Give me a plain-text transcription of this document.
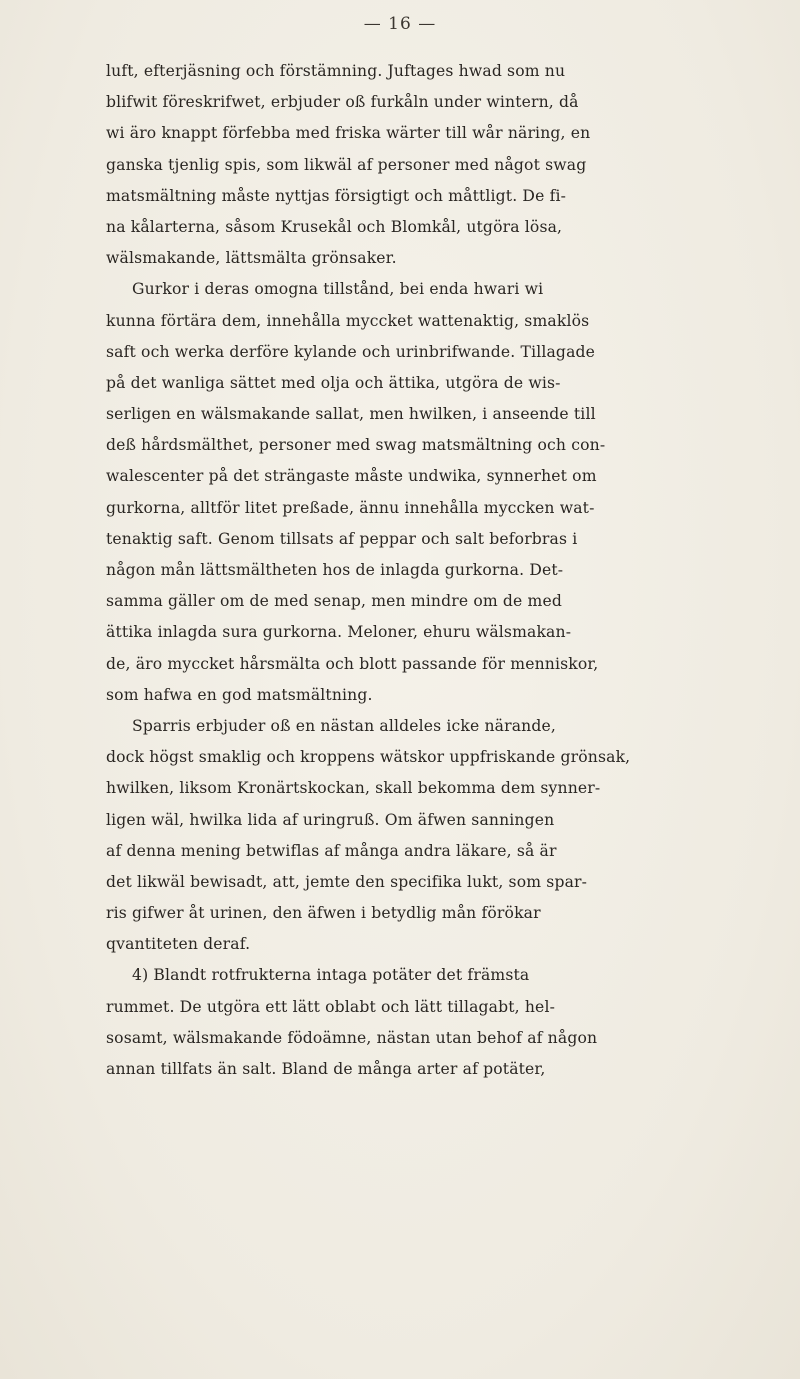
— 16 —
luft, efterjäsning och förstämning. Juftages hwad som nu
blifwit föreskrifwet, erbjuder oß furkåln under wintern, då
wi äro knappt förfebba med friska wärter till wår näring, en
ganska tjenlig spis, som likwäl af personer med något swag
matsmältning måste nyttjas försigtigt och måttligt. De fi-
na kålarterna, såsom Krusekål och Blomkål, utgöra lösa,
wälsmakande, lättsmälta grönsaker.
Gurkor i deras omogna tillstånd, bei enda hwari wi
kunna förtära dem, innehålla myccket wattenaktig, smaklös
saft och werka derföre kylande och urinbrifwande. Tillagade
på det wanliga sättet med olja och ättika, utgöra de wis-
serligen en wälsmakande sallat, men hwilken, i anseende till
deß hårdsmälthet, personer med swag matsmältning och con-
walescenter på det strängaste måste undwika, synnerhet om
gurkorna, alltför litet preßade, ännu innehålla myccken wat-
tenaktig saft. Genom tillsats af peppar och salt beforbras i
någon mån lättsmältheten hos de inlagda gurkorna. Det-
samma gäller om de med senap, men mindre om de med
ättika inlagda sura gurkorna. Meloner, ehuru wälsmakan-
de, äro myccket hårsmälta och blott passande för menniskor,
som hafwa en god matsmältning.
Sparris erbjuder oß en nästan alldeles icke närande,
dock högst smaklig och kroppens wätskor uppfriskande grönsak,
hwilken, liksom Kronärtskockan, skall bekomma dem synner-
ligen wäl, hwilka lida af uringruß. Om äfwen sanningen
af denna mening betwiflas af många andra läkare, så är
det likwäl bewisadt, att, jemte den specifika lukt, som spar-
ris gifwer åt urinen, den äfwen i betydlig mån förökar
qvantiteten deraf.
4) Blandt rotfrukterna intaga potäter det främsta
rummet. De utgöra ett lätt oblabt och lätt tillagabt, hel-
sosamt, wälsmakande födoämne, nästan utan behof af någon
annan tillfats än salt. Bland de många arter af potäter,
